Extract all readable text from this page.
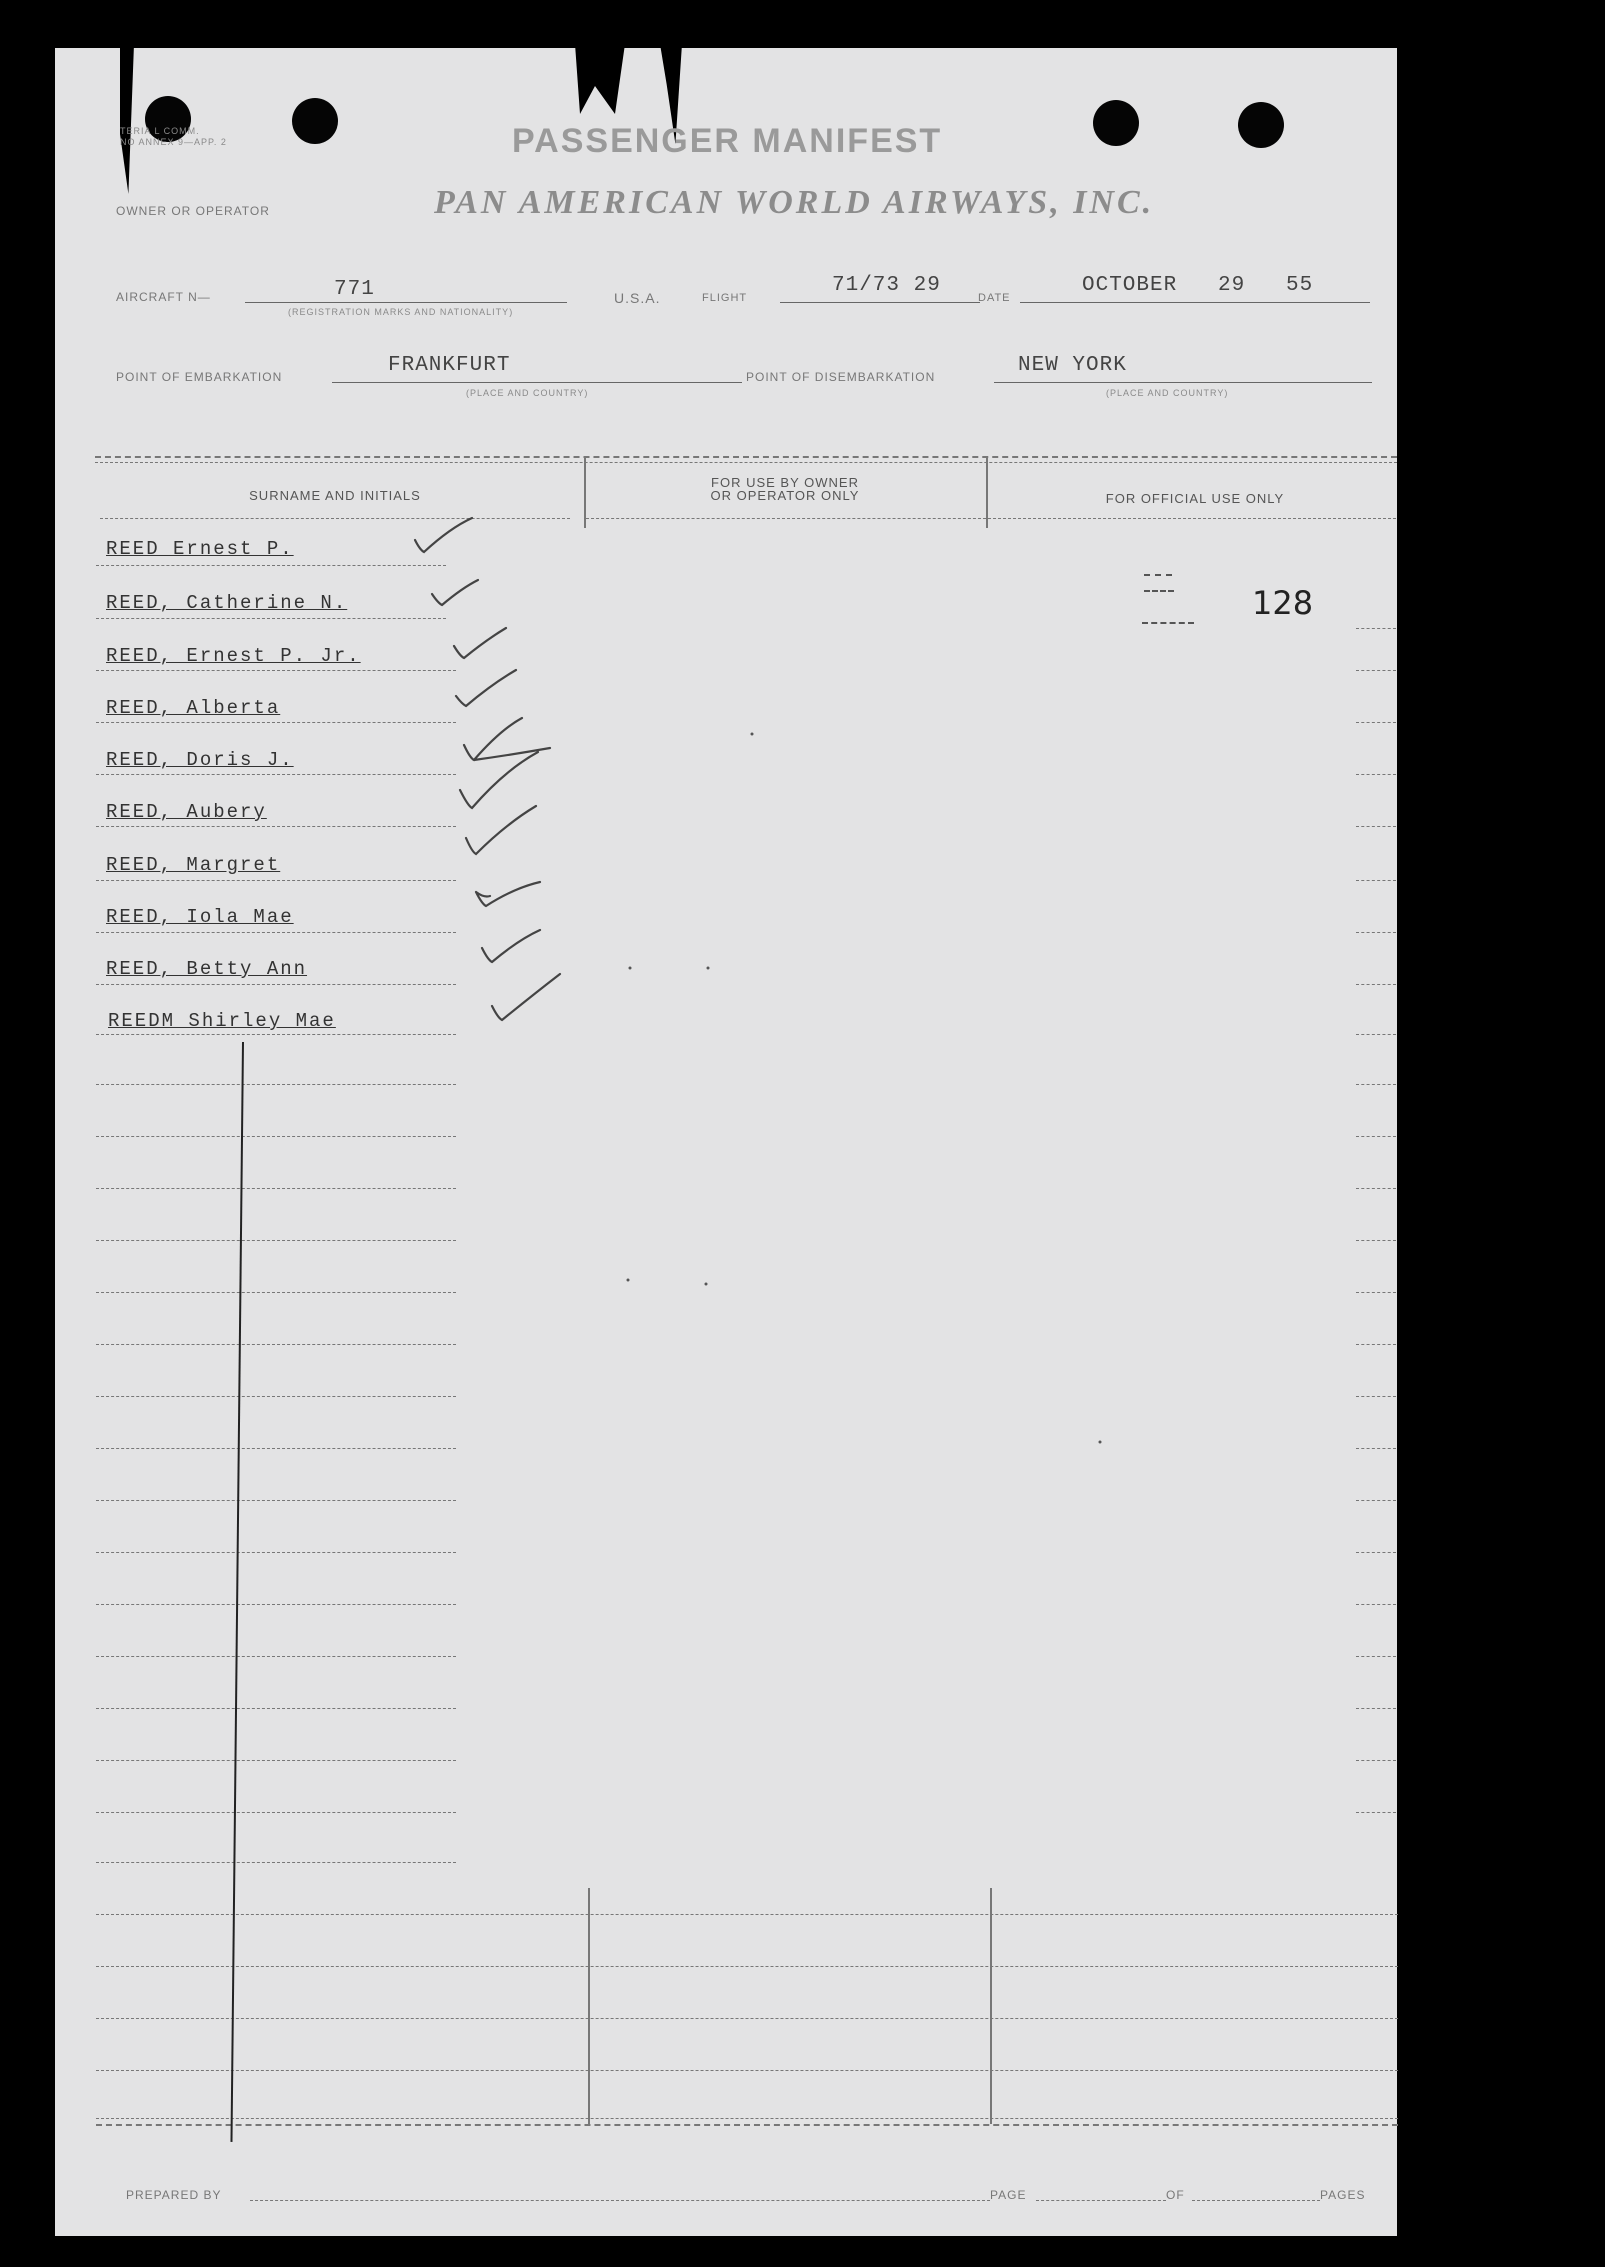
TERIA L COMM.
NO ANNEX 9—APP. 2	PASSENGER MANIFEST
OWNER OR OPERATOR	PAN AMERICAN WORLD AIRWAYS, INC.
AIRCRAFT N—	771
(REGISTRATION MARKS AND NATIONALITY)
U.S.A.	FLIGHT
71/73 29
DATE
OCTOBER 29 55
POINT OF EMBARKATION	FRANKFURT
(PLACE AND COUNTRY)
POINT OF DISEMBARKATION	NEW YORK
(PLACE AND COUNTRY)
SURNAME AND INITIALS
FOR USE BY OWNER
OR OPERATOR ONLY	FOR OFFICIAL USE ONLY
REED Ernest P.
REED, Catherine N.
REED, Ernest P. Jr.
REED, Alberta
REED, Doris J.
REED, Aubery
REED, Margret
REED, Iola Mae
REED, Betty Ann
REEDM Shirley Mae
128
PREPARED BY	PAGE	OF	PAGES
